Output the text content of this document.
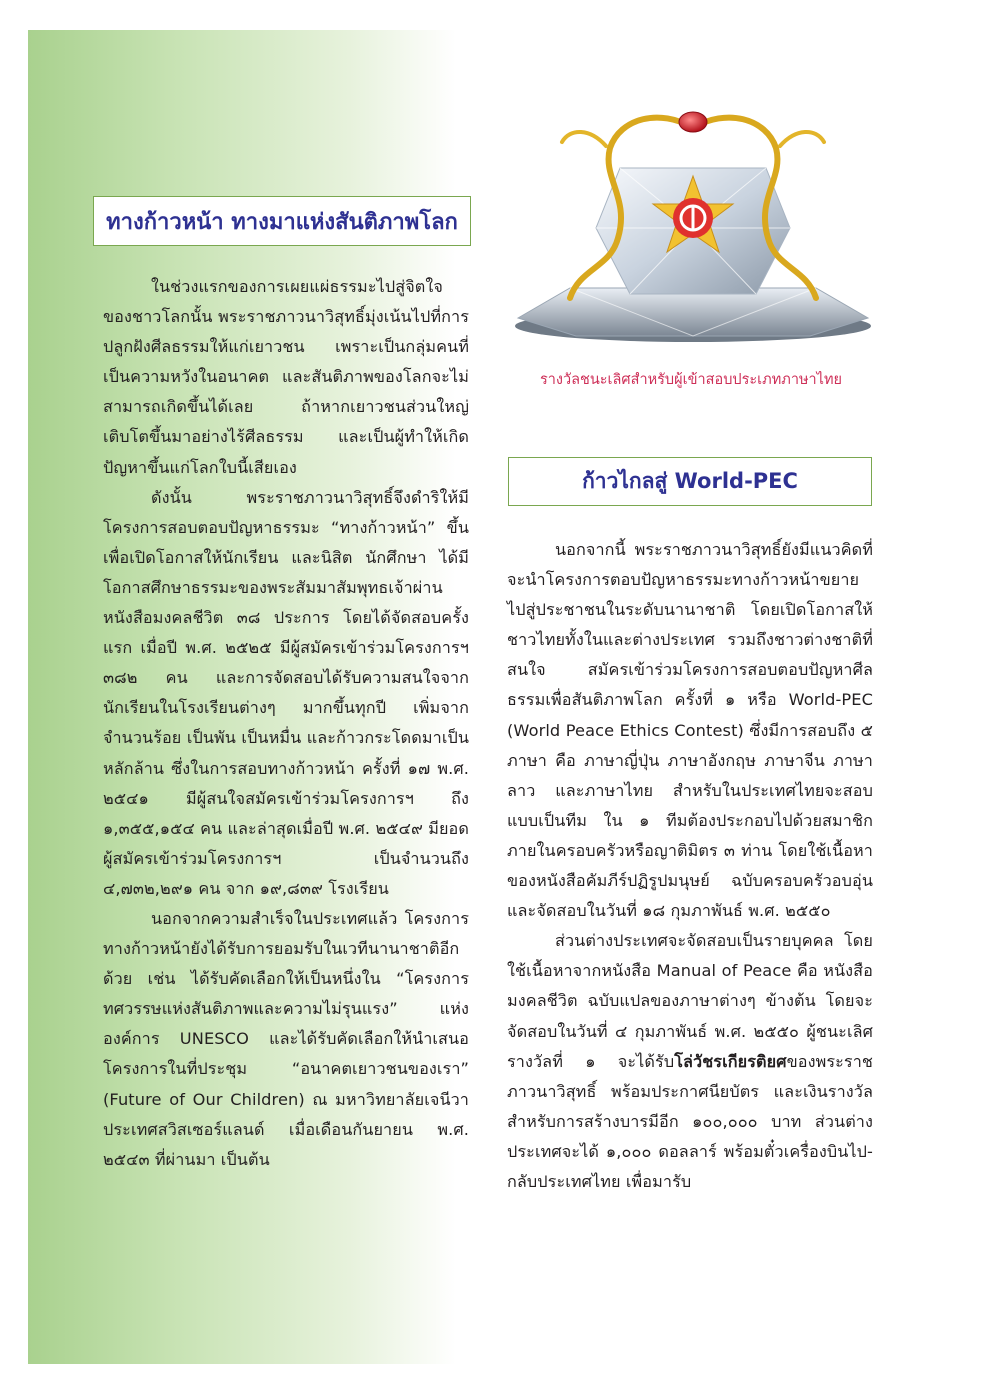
ทางก้าวหน้า ทางมาแห่งสันติภาพโลก

ในช่วงแรกของการเผยแผ่ธรรมะไปสู่จิตใจของชาวโลกนั้น พระราชภาวนาวิสุทธิ์มุ่งเน้นไปที่การปลูกฝังศีลธรรมให้แก่เยาวชน เพราะเป็นกลุ่มคนที่เป็นความหวังในอนาคต และสันติภาพของโลกจะไม่สามารถเกิดขึ้นได้เลย ถ้าหากเยาวชนส่วนใหญ่เติบโตขึ้นมาอย่างไร้ศีลธรรม และเป็นผู้ทำให้เกิดปัญหาขึ้นแก่โลกใบนี้เสียเอง

ดังนั้น พระราชภาวนาวิสุทธิ์จึงดำริให้มีโครงการสอบตอบปัญหาธรรมะ “ทางก้าวหน้า” ขึ้น เพื่อเปิดโอกาสให้นักเรียน และนิสิต นักศึกษา ได้มีโอกาสศึกษาธรรมะของพระสัมมาสัมพุทธเจ้าผ่านหนังสือมงคลชีวิต ๓๘ ประการ โดยได้จัดสอบครั้งแรก เมื่อปี พ.ศ. ๒๕๒๕ มีผู้สมัครเข้าร่วมโครงการฯ ๓๘๒ คน และการจัดสอบได้รับความสนใจจากนักเรียนในโรงเรียนต่างๆ มากขึ้นทุกปี เพิ่มจากจำนวนร้อย เป็นพัน เป็นหมื่น และก้าวกระโดดมาเป็นหลักล้าน ซึ่งในการสอบทางก้าวหน้า ครั้งที่ ๑๗ พ.ศ. ๒๕๔๑ มีผู้สนใจสมัครเข้าร่วมโครงการฯ ถึง ๑,๓๕๕,๑๕๔ คน และล่าสุดเมื่อปี พ.ศ. ๒๕๔๙ มียอดผู้สมัครเข้าร่วมโครงการฯ เป็นจำนวนถึง ๔,๗๓๒,๒๙๑ คน จาก ๑๙,๘๓๙ โรงเรียน

นอกจากความสำเร็จในประเทศแล้ว โครงการทางก้าวหน้ายังได้รับการยอมรับในเวทีนานาชาติอีกด้วย เช่น ได้รับคัดเลือกให้เป็นหนึ่งใน “โครงการทศวรรษแห่งสันติภาพและความไม่รุนแรง” แห่งองค์การ UNESCO และได้รับคัดเลือกให้นำเสนอโครงการในที่ประชุม “อนาคตเยาวชนของเรา” (Future of Our Children) ณ มหาวิทยาลัยเจนีวา ประเทศสวิสเซอร์แลนด์ เมื่อเดือนกันยายน พ.ศ. ๒๕๔๓ ที่ผ่านมา เป็นต้น

รางวัลชนะเลิศสำหรับผู้เข้าสอบประเภทภาษาไทย
ก้าวไกลสู่ World-PEC

นอกจากนี้ พระราชภาวนาวิสุทธิ์ยังมีแนวคิดที่จะนำโครงการตอบปัญหาธรรมะทางก้าวหน้าขยายไปสู่ประชาชนในระดับนานาชาติ โดยเปิดโอกาสให้ชาวไทยทั้งในและต่างประเทศ รวมถึงชาวต่างชาติที่สนใจ สมัครเข้าร่วมโครงการสอบตอบปัญหาศีลธรรมเพื่อสันติภาพโลก ครั้งที่ ๑ หรือ World-PEC (World Peace Ethics Contest) ซึ่งมีการสอบถึง ๕ ภาษา คือ ภาษาญี่ปุ่น ภาษาอังกฤษ ภาษาจีน ภาษาลาว และภาษาไทย สำหรับในประเทศไทยจะสอบแบบเป็นทีม ใน ๑ ทีมต้องประกอบไปด้วยสมาชิกภายในครอบครัวหรือญาติมิตร ๓ ท่าน โดยใช้เนื้อหาของหนังสือคัมภีร์ปฏิรูปมนุษย์ ฉบับครอบครัวอบอุ่น และจัดสอบในวันที่ ๑๘ กุมภาพันธ์ พ.ศ. ๒๕๕๐

ส่วนต่างประเทศจะจัดสอบเป็นรายบุคคล โดยใช้เนื้อหาจากหนังสือ Manual of Peace คือ หนังสือมงคลชีวิต ฉบับแปลของภาษาต่างๆ ข้างต้น โดยจะจัดสอบในวันที่ ๔ กุมภาพันธ์ พ.ศ. ๒๕๕๐ ผู้ชนะเลิศรางวัลที่ ๑ จะได้รับโล่วัชรเกียรติยศของพระราชภาวนาวิสุทธิ์ พร้อมประกาศนียบัตร และเงินรางวัลสำหรับการสร้างบารมีอีก ๑๐๐,๐๐๐ บาท ส่วนต่างประเทศจะได้ ๑,๐๐๐ ดอลลาร์ พร้อมตั๋วเครื่องบินไป-กลับประเทศไทย เพื่อมารับ
